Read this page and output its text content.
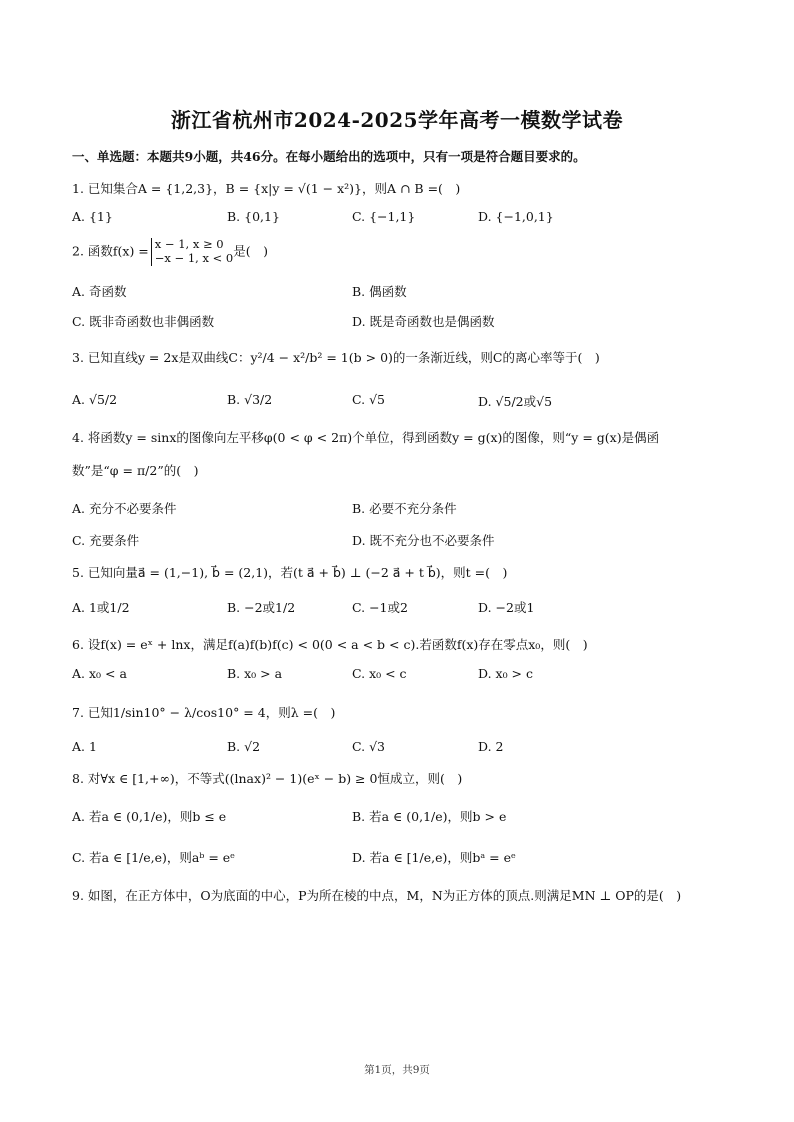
浙江省杭州市2024-2025学年高考一模数学试卷
一、单选题：本题共9小题，共46分。在每小题给出的选项中，只有一项是符合题目要求的。
1. 已知集合A = {1,2,3}，B = {x|y = √(1 − x²)}，则A ∩ B =(　)
A. {1}	B. {0,1}	C. {−1,1}	D. {−1,0,1}
2. 函数f(x) = x − 1, x ≥ 0
−x − 1, x < 0 是(　)
A. 奇函数	B. 偶函数
C. 既非奇函数也非偶函数	D. 既是奇函数也是偶函数
3. 已知直线y = 2x是双曲线C：y²/4 − x²/b² = 1(b > 0)的一条渐近线，则C的离心率等于(　)
A. √5/2	B. √3/2	C. √5	D. √5/2或√5
4. 将函数y = sinx的图像向左平移φ(0 < φ < 2π)个单位，得到函数y = g(x)的图像，则“y = g(x)是偶函
数”是“φ = π/2”的(　)
A. 充分不必要条件	B. 必要不充分条件
C. 充要条件	D. 既不充分也不必要条件
5. 已知向量a⃗ = (1,−1), b⃗ = (2,1)，若(t a⃗ + b⃗) ⊥ (−2 a⃗ + t b⃗)，则t =(　)
A. 1或1/2	B. −2或1/2	C. −1或2	D. −2或1
6. 设f(x) = eˣ + lnx，满足f(a)f(b)f(c) < 0(0 < a < b < c).若函数f(x)存在零点x₀，则(　)
A. x₀ < a	B. x₀ > a	C. x₀ < c	D. x₀ > c
7. 已知1/sin10° − λ/cos10° = 4，则λ =(　)
A. 1	B. √2	C. √3	D. 2
8. 对∀x ∈ [1,+∞)，不等式((lnax)² − 1)(eˣ − b) ≥ 0恒成立，则(　)
A. 若a ∈ (0,1/e)，则b ≤ e	B. 若a ∈ (0,1/e)，则b > e
C. 若a ∈ [1/e,e)，则aᵇ = eᵉ	D. 若a ∈ [1/e,e)，则bᵃ = eᵉ
9. 如图，在正方体中，O为底面的中心，P为所在棱的中点，M，N为正方体的顶点.则满足MN ⊥ OP的是(　)
第1页，共9页
